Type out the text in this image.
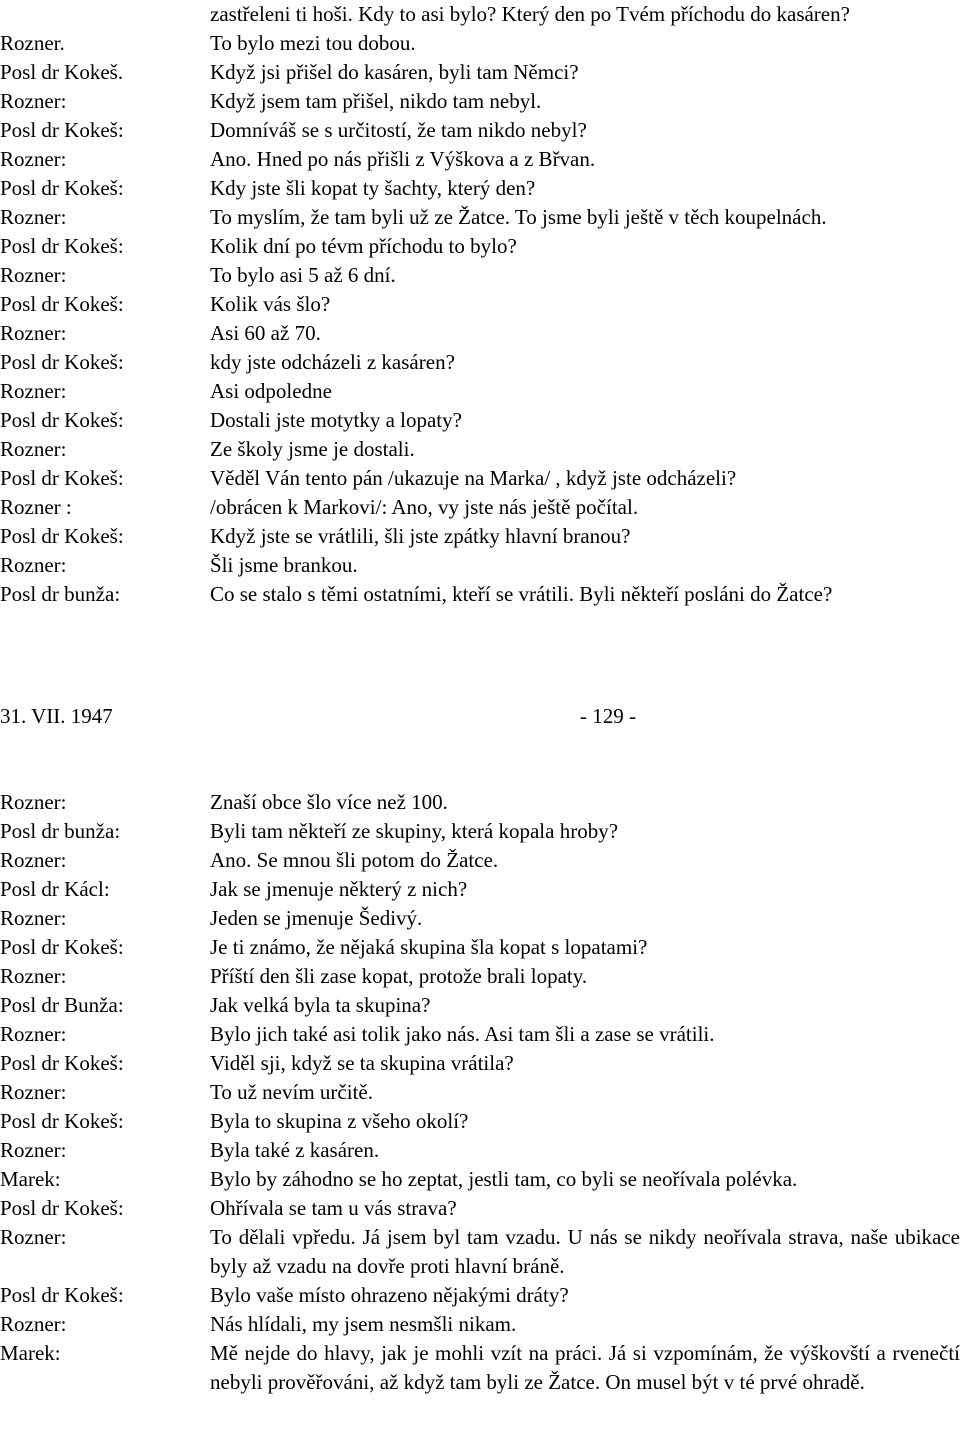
zastřeleni ti hoši. Kdy to asi bylo? Který den po Tvém příchodu do kasáren?
Rozner.	To bylo mezi tou dobou.
Posl dr Kokeš.	Když jsi přišel do kasáren, byli tam Němci?
Rozner:	Když jsem tam přišel, nikdo tam nebyl.
Posl dr Kokeš:	Domníváš se s určitostí, že tam nikdo nebyl?
Rozner:	Ano. Hned po nás přišli z Výškova a z Břvan.
Posl dr Kokeš:	Kdy jste šli kopat ty šachty, který den?
Rozner:	To myslím, že tam byli už ze Žatce. To jsme byli ještě v těch koupelnách.
Posl dr Kokeš:	Kolik dní po tévm příchodu to bylo?
Rozner:	To bylo asi 5 až 6 dní.
Posl dr Kokeš:	Kolik vás šlo?
Rozner:	Asi 60 až 70.
Posl dr Kokeš:	kdy jste odcházeli z kasáren?
Rozner:	Asi odpoledne
Posl dr Kokeš:	Dostali jste motytky a lopaty?
Rozner:	Ze školy jsme je dostali.
Posl dr Kokeš:	Věděl Ván tento pán /ukazuje na Marka/ , když jste odcházeli?
Rozner :	/obrácen k Markovi/: Ano, vy jste nás ještě počítal.
Posl dr Kokeš:	Když jste se vrátlili, šli jste zpátky hlavní branou?
Rozner:	Šli jsme brankou.
Posl dr bunža:	Co se stalo s těmi ostatními, kteří se vrátili. Byli někteří posláni do Žatce?
31. VII. 1947	- 129 -
Rozner:	Znaší obce šlo více než 100.
Posl dr bunža:	Byli tam někteří ze skupiny, která kopala hroby?
Rozner:	Ano. Se mnou šli potom do Žatce.
Posl dr Kácl:	Jak se jmenuje některý z nich?
Rozner:	Jeden se jmenuje Šedivý.
Posl dr Kokeš:	Je ti známo, že nějaká skupina šla kopat s lopatami?
Rozner:	Příští den šli zase kopat, protože brali lopaty.
Posl dr Bunža:	Jak velká byla ta skupina?
Rozner:	Bylo jich také asi tolik jako nás. Asi tam šli a zase se vrátili.
Posl dr Kokeš:	Viděl sji, když se ta skupina vrátila?
Rozner:	To už nevím určitě.
Posl dr Kokeš:	Byla to skupina z všeho okolí?
Rozner:	Byla také z kasáren.
Marek:	Bylo by záhodno se ho zeptat, jestli tam, co byli se neořívala polévka.
Posl dr Kokeš:	Ohřívala se tam u vás strava?
Rozner:	To dělali vpředu. Já jsem byl tam vzadu. U nás se nikdy neořívala strava, naše ubikace byly až vzadu na dovře proti hlavní bráně.
Posl dr Kokeš:	Bylo vaše místo ohrazeno nějakými dráty?
Rozner:	Nás hlídali, my jsem nesmšli nikam.
Marek:	Mě nejde do hlavy, jak je mohli vzít na práci. Já si vzpomínám, že výškovští a rvenečtí nebyli prověřováni, až když tam byli ze Žatce. On musel být v té prvé ohradě.
